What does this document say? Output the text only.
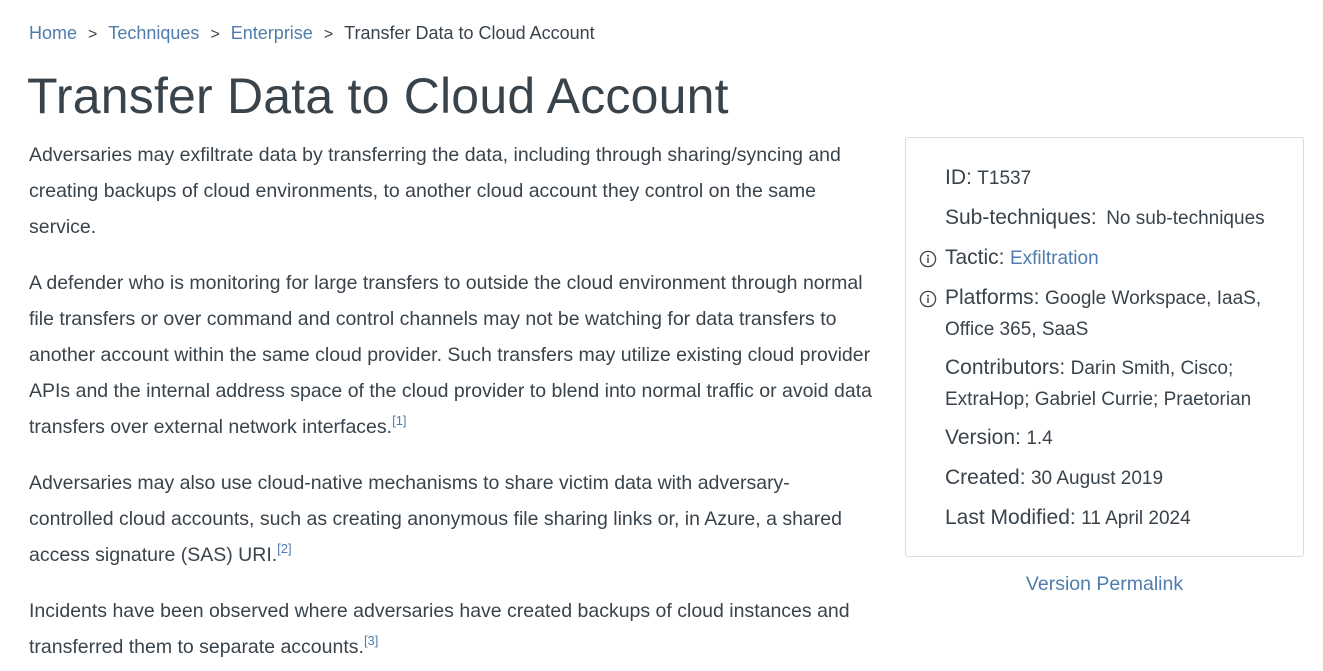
Home > Techniques > Enterprise > Transfer Data to Cloud Account
Transfer Data to Cloud Account

Adversaries may exfiltrate data by transferring the data, including through sharing/syncing and creating backups of cloud environments, to another cloud account they control on the same service.

A defender who is monitoring for large transfers to outside the cloud environment through normal file transfers or over command and control channels may not be watching for data transfers to another account within the same cloud provider. Such transfers may utilize existing cloud provider APIs and the internal address space of the cloud provider to blend into normal traffic or avoid data transfers over external network interfaces.[1]

Adversaries may also use cloud-native mechanisms to share victim data with adversary-controlled cloud accounts, such as creating anonymous file sharing links or, in Azure, a shared access signature (SAS) URI.[2]

Incidents have been observed where adversaries have created backups of cloud instances and transferred them to separate accounts.[3]

ID: T1537
Sub-techniques: No sub-techniques
Tactic: Exfiltration
Platforms: Google Workspace, IaaS, Office 365, SaaS
Contributors: Darin Smith, Cisco; ExtraHop; Gabriel Currie; Praetorian
Version: 1.4
Created: 30 August 2019
Last Modified: 11 April 2024
Version Permalink
